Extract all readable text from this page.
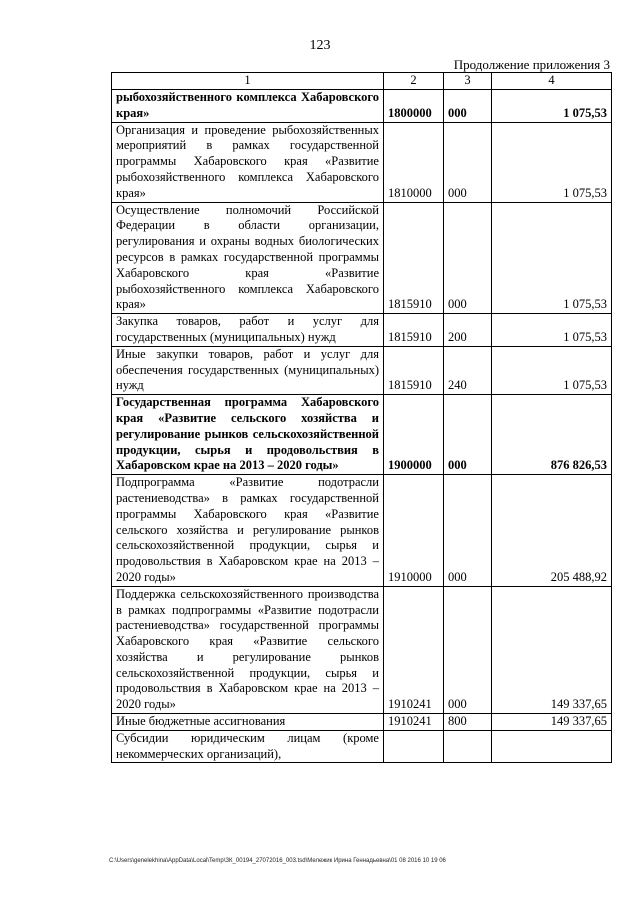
123
Продолжение приложения 3
1	2	3	4
рыбохозяйственного комплекса Хабаровского края»	1800000	000	1 075,53
Организация и проведение рыбохозяйственных мероприятий в рамках государственной программы Хабаровского края «Развитие рыбохозяйственного комплекса Хабаровского края»	1810000	000	1 075,53
Осуществление полномочий Российской Федерации в области организации, регулирования и охраны водных биологических ресурсов в рамках государственной программы Хабаровского края «Развитие рыбохозяйственного комплекса Хабаровского края»	1815910	000	1 075,53
Закупка товаров, работ и услуг для государственных (муниципальных) нужд	1815910	200	1 075,53
Иные закупки товаров, работ и услуг для обеспечения государственных (муниципальных) нужд	1815910	240	1 075,53
Государственная программа Хабаровского края «Развитие сельского хозяйства и регулирование рынков сельскохозяйственной продукции, сырья и продовольствия в Хабаровском крае на 2013 – 2020 годы»	1900000	000	876 826,53
Подпрограмма «Развитие подотрасли растениеводства» в рамках государственной программы Хабаровского края «Развитие сельского хозяйства и регулирование рынков сельскохозяйственной продукции, сырья и продовольствия в Хабаровском крае на 2013 – 2020 годы»	1910000	000	205 488,92
Поддержка сельскохозяйственного производства в рамках подпрограммы «Развитие подотрасли растениеводства» государственной программы Хабаровского края «Развитие сельского хозяйства и регулирование рынков сельскохозяйственной продукции, сырья и продовольствия в Хабаровском крае на 2013 – 2020 годы»	1910241	000	149 337,65
Иные бюджетные ассигнования	1910241	800	149 337,65
Субсидии юридическим лицам (кроме некоммерческих организаций),			
C:\Users\genelekhina\AppData\Local\Temp\ЗК_00194_27072016_003.tsd\Мележик Ирина Геннадьевна\01 08 2016 10 19 06
